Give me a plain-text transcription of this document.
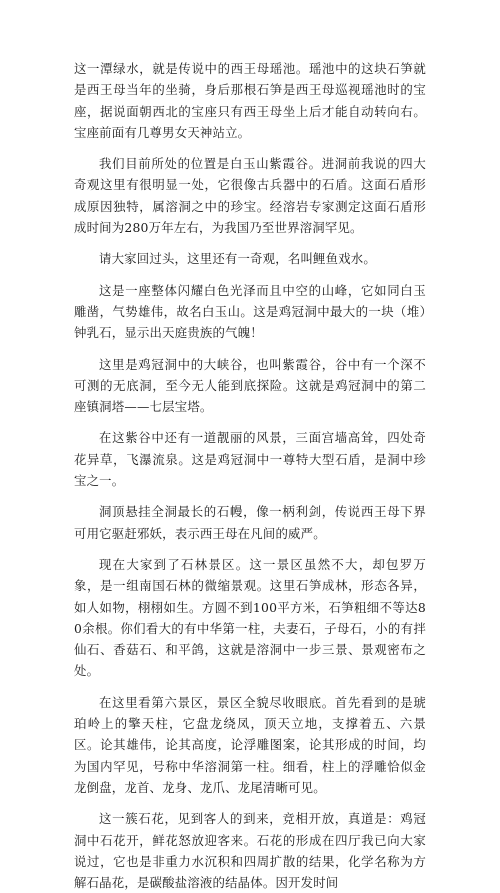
这一潭绿水，就是传说中的西王母瑶池。瑶池中的这块石笋就是西王母当年的坐骑，身后那根石笋是西王母巡视瑶池时的宝座，据说面朝西北的宝座只有西王母坐上后才能自动转向右。宝座前面有几尊男女天神站立。

我们目前所处的位置是白玉山紫霞谷。进洞前我说的四大奇观这里有很明显一处，它很像古兵器中的石盾。这面石盾形成原因独特，属溶洞之中的珍宝。经溶岩专家测定这面石盾形成时间为280万年左右，为我国乃至世界溶洞罕见。

请大家回过头，这里还有一奇观，名叫鲤鱼戏水。

这是一座整体闪耀白色光泽而且中空的山峰，它如同白玉雕凿，气势雄伟，故名白玉山。这是鸡冠洞中最大的一块（堆）钟乳石，显示出天庭贵族的气魄！

这里是鸡冠洞中的大峡谷，也叫紫霞谷，谷中有一个深不可测的无底洞，至今无人能到底探险。这就是鸡冠洞中的第二座镇洞塔——七层宝塔。

在这紫谷中还有一道靓丽的风景，三面宫墙高耸，四处奇花异草，飞瀑流泉。这是鸡冠洞中一尊特大型石盾，是洞中珍宝之一。

洞顶悬挂全洞最长的石幔，像一柄利剑，传说西王母下界可用它驱赶邪妖，表示西王母在凡间的威严。

现在大家到了石林景区。这一景区虽然不大，却包罗万象，是一组南国石林的微缩景观。这里石笋成林，形态各异，如人如物，栩栩如生。方圆不到100平方米，石笋粗细不等达80余根。你们看大的有中华第一柱，夫妻石，子母石，小的有拌仙石、香菇石、和平鸽，这就是溶洞中一步三景、景观密布之处。

在这里看第六景区，景区全貌尽收眼底。首先看到的是琥珀岭上的擎天柱，它盘龙绕凤，顶天立地，支撑着五、六景区。论其雄伟，论其高度，论浮雕图案，论其形成的时间，均为国内罕见，号称中华溶洞第一柱。细看，柱上的浮雕恰似金龙倒盘，龙首、龙身、龙爪、龙尾清晰可见。

这一簇石花，见到客人的到来，竞相开放，真道是：鸡冠洞中石花开，鲜花怒放迎客来。石花的形成在四厅我已向大家说过，它也是非重力水沉积和四周扩散的结果，化学名称为方解石晶花，是碳酸盐溶液的结晶体。因开发时间
